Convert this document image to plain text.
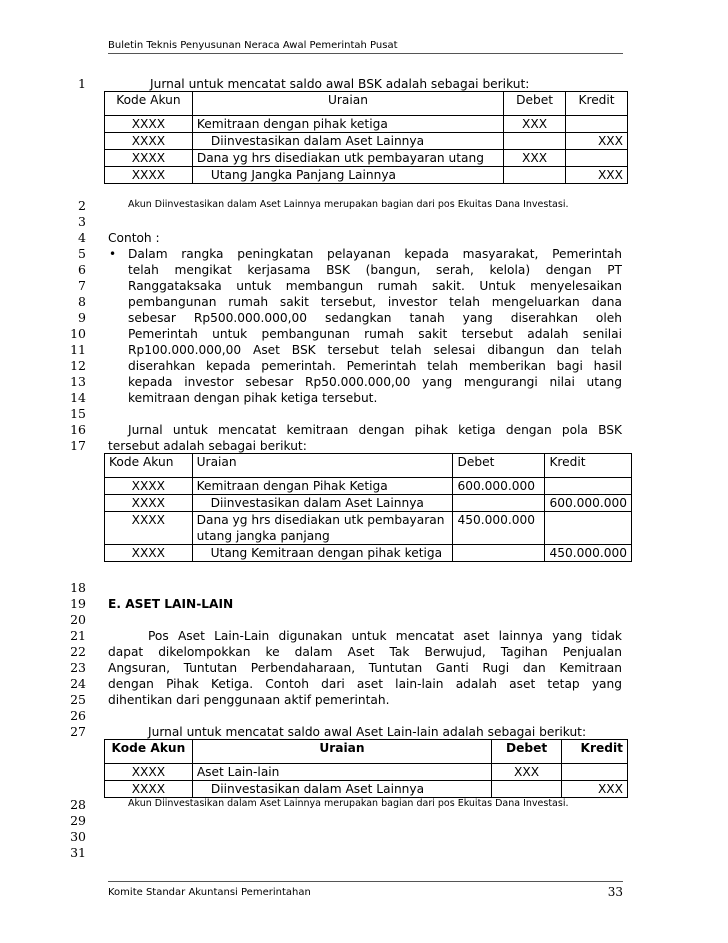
Buletin Teknis Penyusunan Neraca Awal Pemerintah Pusat
1
2
3
4
5
6
7
8
9
10
11
12
13
14
15
16
17
18
19
20
21
22
23
24
25
26
27
28
29
30
31
Jurnal untuk mencatat saldo awal BSK adalah sebagai berikut:
Kode Akun	Uraian	Debet	Kredit
XXXX	Kemitraan dengan pihak ketiga	XXX	
XXXX	Diinvestasikan dalam Aset Lainnya		XXX
XXXX	Dana yg hrs disediakan utk pembayaran utang	XXX	
XXXX	Utang Jangka Panjang Lainnya		XXX
Akun Diinvestasikan dalam Aset Lainnya merupakan bagian dari pos Ekuitas Dana Investasi.
Contoh :
• Dalam rangka peningkatan pelayanan kepada masyarakat, Pemerintah
telah mengikat kerjasama BSK (bangun, serah, kelola) dengan PT
Ranggataksaka untuk membangun rumah sakit. Untuk menyelesaikan
pembangunan rumah sakit tersebut, investor telah mengeluarkan dana
sebesar Rp500.000.000,00 sedangkan tanah yang diserahkan oleh
Pemerintah untuk pembangunan rumah sakit tersebut adalah senilai
Rp100.000.000,00 Aset BSK tersebut telah selesai dibangun dan telah
diserahkan kepada pemerintah. Pemerintah telah memberikan bagi hasil
kepada investor sebesar Rp50.000.000,00 yang mengurangi nilai utang
kemitraan dengan pihak ketiga tersebut.
Jurnal untuk mencatat kemitraan dengan pihak ketiga dengan pola BSK
tersebut adalah sebagai berikut:
Kode Akun	Uraian	Debet	Kredit
XXXX	Kemitraan dengan Pihak Ketiga	600.000.000	
XXXX	Diinvestasikan dalam Aset Lainnya		600.000.000
XXXX	Dana yg hrs disediakan utk pembayaran utang jangka panjang	450.000.000	
XXXX	Utang Kemitraan dengan pihak ketiga		450.000.000
E. ASET LAIN-LAIN
Pos Aset Lain-Lain digunakan untuk mencatat aset lainnya yang tidak
dapat dikelompokkan ke dalam Aset Tak Berwujud, Tagihan Penjualan
Angsuran, Tuntutan Perbendaharaan, Tuntutan Ganti Rugi dan Kemitraan
dengan Pihak Ketiga. Contoh dari aset lain-lain adalah aset tetap yang
dihentikan dari penggunaan aktif pemerintah.
Jurnal untuk mencatat saldo awal Aset Lain-lain adalah sebagai berikut:
Kode Akun	Uraian	Debet	Kredit
XXXX	Aset Lain-lain	XXX	
XXXX	Diinvestasikan dalam Aset Lainnya		XXX
Akun Diinvestasikan dalam Aset Lainnya merupakan bagian dari pos Ekuitas Dana Investasi.
Komite Standar Akuntansi Pemerintahan	33
